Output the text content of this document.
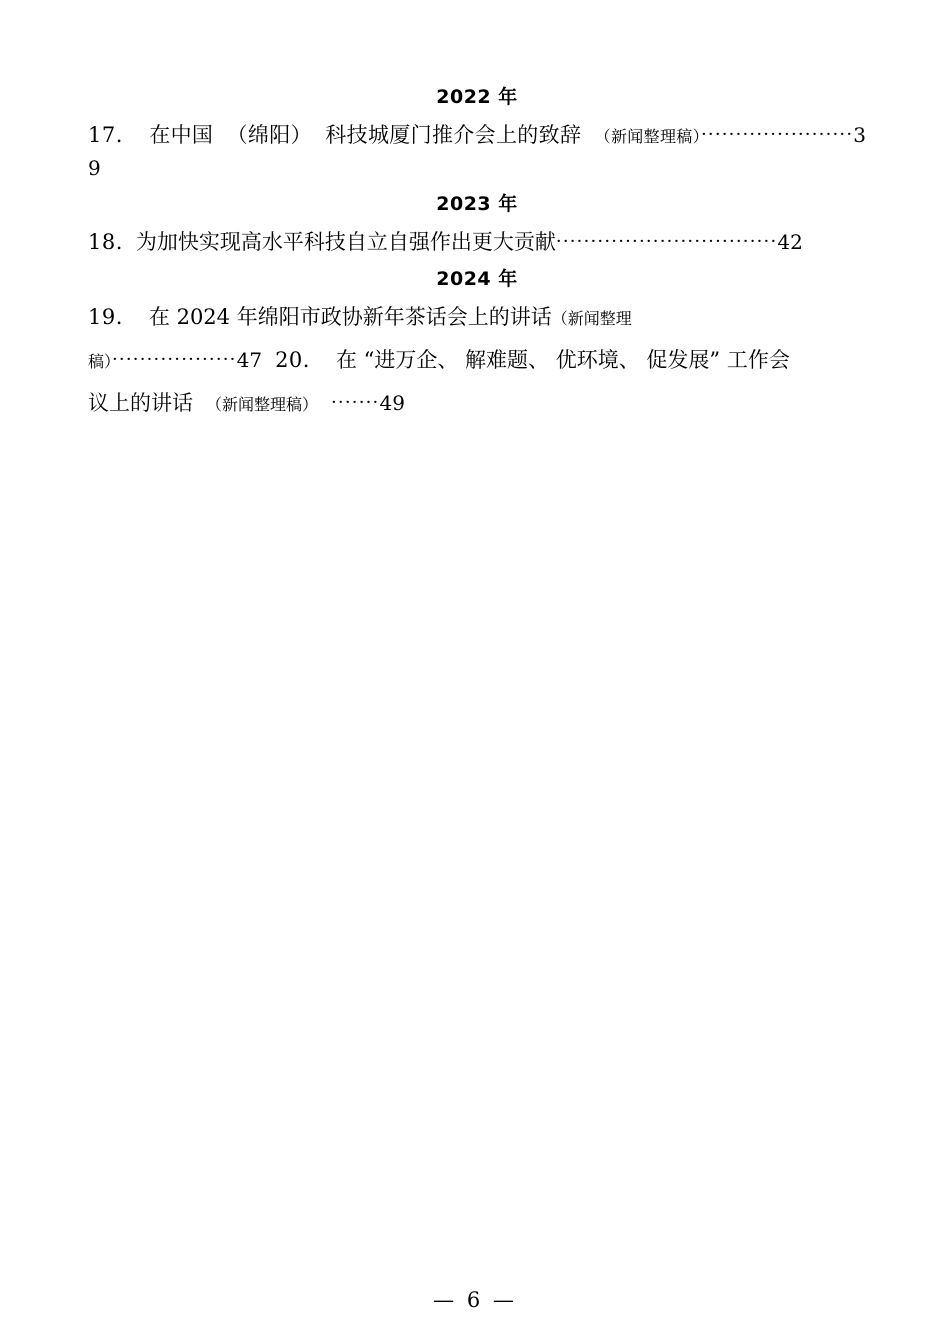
2022 年
17. 在中国 （绵阳） 科技城厦门推介会上的致辞 （新闻整理稿）······················39
2023 年
18. 为加快实现高水平科技自立自强作出更大贡献································42
2024 年
19. 在 2024 年绵阳市政协新年茶话会上的讲话（新闻整理
稿）··················47 20. 在 “进万企、 解难题、 优环境、 促发展” 工作会
议上的讲话 （新闻整理稿） ·······49
— 6 —
